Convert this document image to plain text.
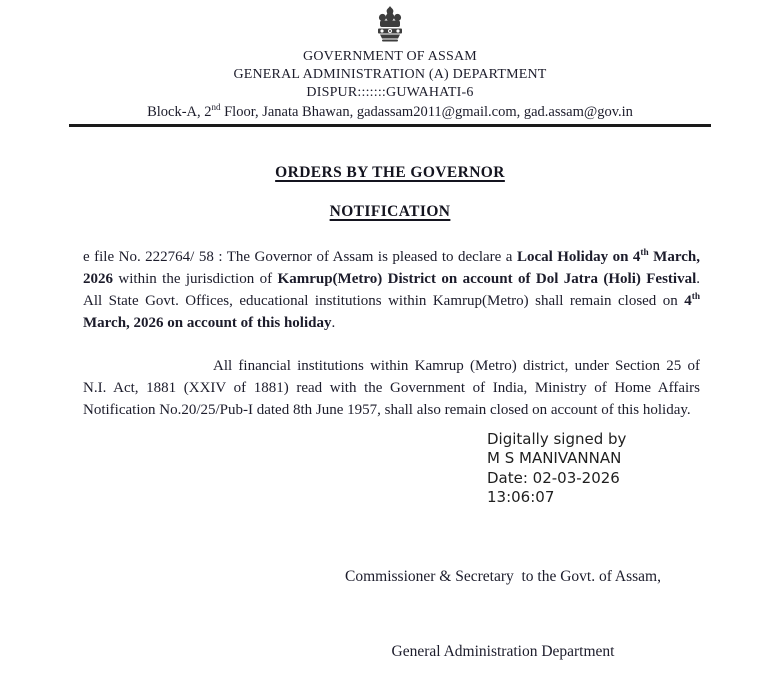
GOVERNMENT OF ASSAM
GENERAL ADMINISTRATION (A) DEPARTMENT
DISPUR:::::::GUWAHATI-6
Block-A, 2nd Floor, Janata Bhawan, gadassam2011@gmail.com, gad.assam@gov.in
ORDERS BY THE GOVERNOR
NOTIFICATION

e file No. 222764/ 58 : The Governor of Assam is pleased to declare a Local Holiday on 4th March, 2026 within the jurisdiction of Kamrup(Metro) District on account of Dol Jatra (Holi) Festival. All State Govt. Offices, educational institutions within Kamrup(Metro) shall remain closed on 4th March, 2026 on account of this holiday.

All financial institutions within Kamrup (Metro) district, under Section 25 of N.I. Act, 1881 (XXIV of 1881) read with the Government of India, Ministry of Home Affairs Notification No.20/25/Pub-I dated 8th June 1957, shall also remain closed on account of this holiday.

Digitally signed by
M S MANIVANNAN
Date: 02-03-2026
13:06:07

Commissioner & Secretary  to the Govt. of Assam,

General Administration Department
